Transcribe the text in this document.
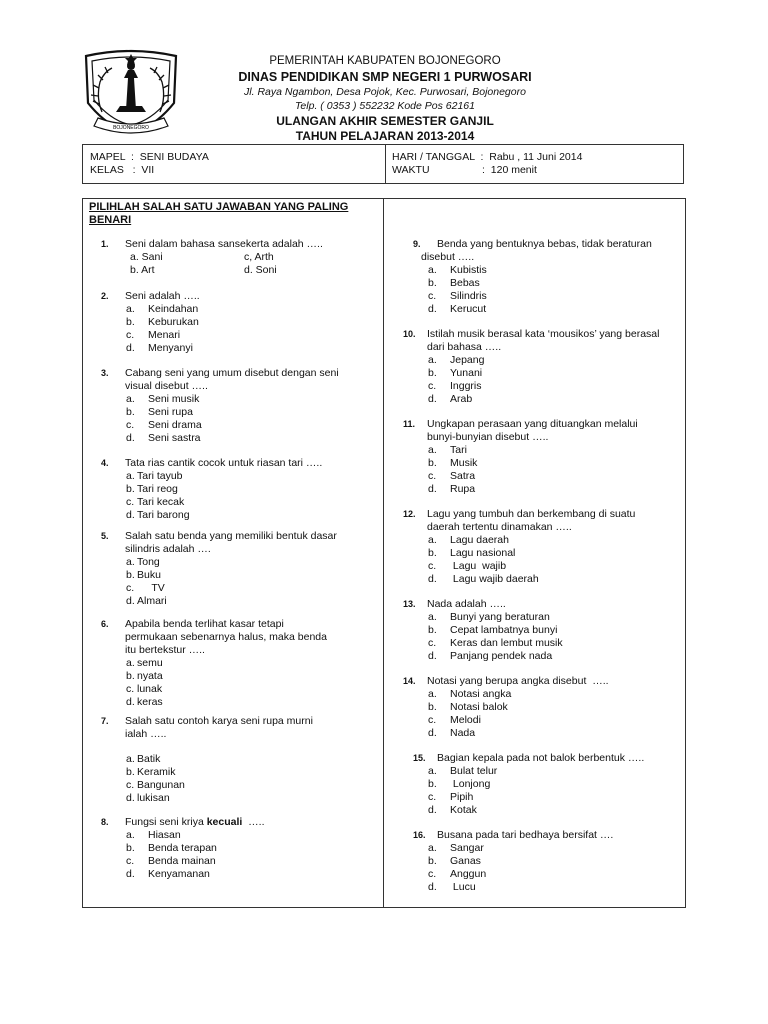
BOJONEGORO
PEMERINTAH KABUPATEN BOJONEGORO
DINAS PENDIDIKAN SMP NEGERI 1 PURWOSARI
Jl. Raya Ngambon, Desa Pojok, Kec. Purwosari, Bojonegoro
Telp. ( 0353 ) 552232 Kode Pos 62161
ULANGAN AKHIR SEMESTER GANJIL
TAHUN PELAJARAN 2013-2014
MAPEL  :  SENI BUDAYA
KELAS   :  VII
HARI / TANGGAL  :  Rabu , 11 Juni 2014
WAKTU                  :  120 menit
PILIHLAH SALAH SATU JAWABAN YANG PALING BENARI
1. Seni dalam bahasa sansekerta adalah …..
a. Sani	c, Arth
b. Art	d. Soni
2. Seni adalah …..
a.	Keindahan
b.	Keburukan
c.	Menari
d.	Menyanyi
3. Cabang seni yang umum disebut dengan seni
visual disebut …..
a.	Seni musik
b.	Seni rupa
c.	Seni drama
d.	Seni sastra
4. Tata rias cantik cocok untuk riasan tari …..
a. Tari tayub
b. Tari reog
c. Tari kecak
d. Tari barong
5. Salah satu benda yang memiliki bentuk dasar
silindris adalah ….
a. Tong
b. Buku
c. TV
d. Almari
6. Apabila benda terlihat kasar tetapi
permukaan sebenarnya halus, maka benda
itu bertekstur …..
a. semu
b. nyata
c. lunak
d. keras
7. Salah satu contoh karya seni rupa murni
ialah …..
a. Batik
b. Keramik
c. Bangunan
d. lukisan
8. Fungsi seni kriya kecuali  …..
a.	Hiasan
b.	Benda terapan
c.	Benda mainan
d.	Kenyamanan
9. Benda yang bentuknya bebas, tidak beraturan
disebut …..
a.	Kubistis
b.	Bebas
c.	Silindris
d.	Kerucut
10. Istilah musik berasal kata ‘mousikos’ yang berasal
dari bahasa …..
a.	Jepang
b.	Yunani
c.	Inggris
d.	Arab
11. Ungkapan perasaan yang dituangkan melalui
bunyi-bunyian disebut …..
a.	Tari
b.	Musik
c.	Satra
d.	Rupa
12. Lagu yang tumbuh dan berkembang di suatu
daerah tertentu dinamakan …..
a.	Lagu daerah
b.	Lagu nasional
c.	Lagu  wajib
d.	Lagu wajib daerah
13. Nada adalah …..
a.	Bunyi yang beraturan
b.	Cepat lambatnya bunyi
c.	Keras dan lembut musik
d.	Panjang pendek nada
14. Notasi yang berupa angka disebut  …..
a.	Notasi angka
b.	Notasi balok
c.	Melodi
d.	Nada
15. Bagian kepala pada not balok berbentuk …..
a.	Bulat telur
b.	Lonjong
c.	Pipih
d.	Kotak
16. Busana pada tari bedhaya bersifat ….
a.	Sangar
b.	Ganas
c.	Anggun
d.	Lucu
